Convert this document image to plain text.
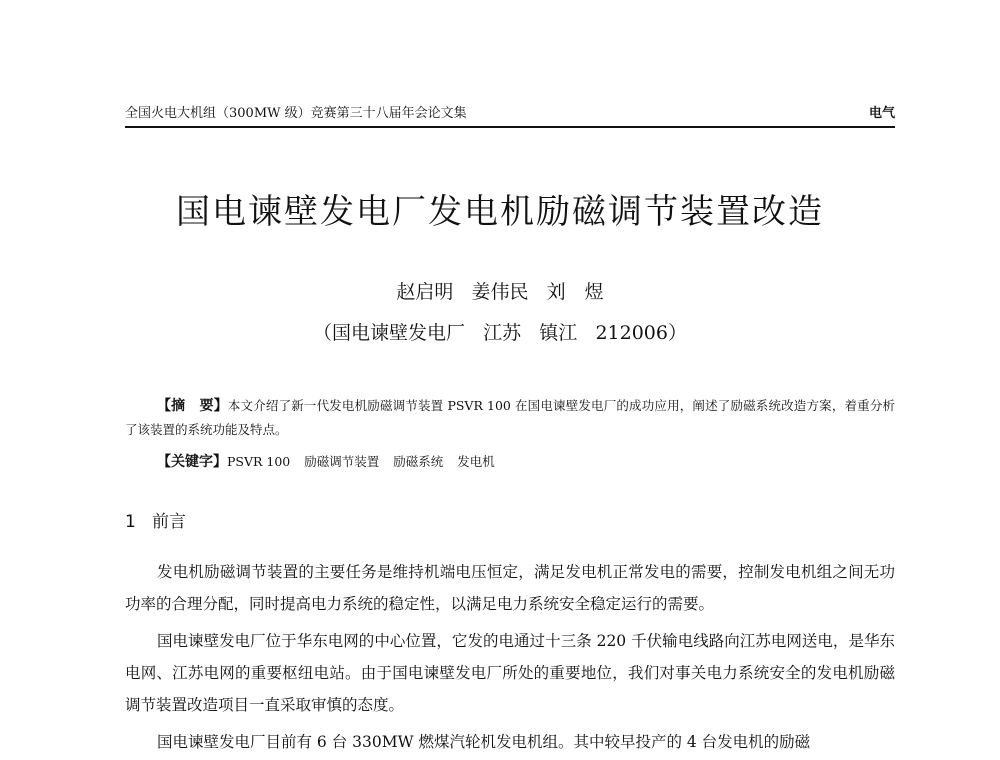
全国火电大机组（300MW 级）竞赛第三十八届年会论文集	电气
国电谏壁发电厂发电机励磁调节装置改造
赵启明 姜伟民 刘　煜
（国电谏壁发电厂 江苏 镇江 212006）
【摘　要】本文介绍了新一代发电机励磁调节装置 PSVR 100 在国电谏壁发电厂的成功应用，阐述了励磁系统改造方案，着重分析了该装置的系统功能及特点。
【关键字】PSVR 100 励磁调节装置 励磁系统 发电机
1 前言

发电机励磁调节装置的主要任务是维持机端电压恒定，满足发电机正常发电的需要，控制发电机组之间无功功率的合理分配，同时提高电力系统的稳定性，以满足电力系统安全稳定运行的需要。

国电谏壁发电厂位于华东电网的中心位置，它发的电通过十三条 220 千伏输电线路向江苏电网送电，是华东电网、江苏电网的重要枢纽电站。由于国电谏壁发电厂所处的重要地位，我们对事关电力系统安全的发电机励磁调节装置改造项目一直采取审慎的态度。

国电谏壁发电厂目前有 6 台 330MW 燃煤汽轮机发电机组。其中较早投产的 4 台发电机的励磁
